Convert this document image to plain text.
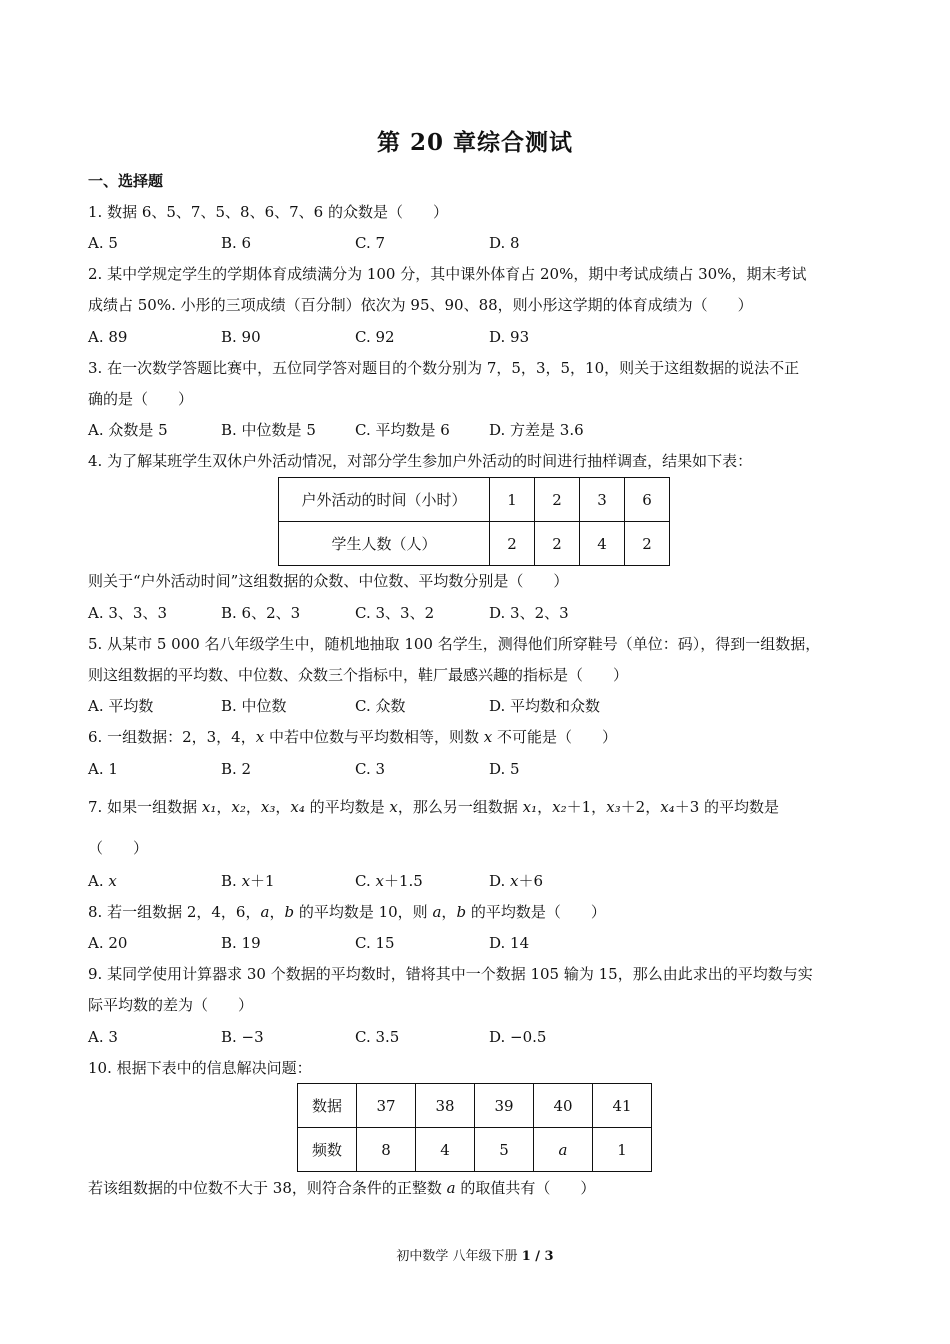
第 20 章综合测试
一、选择题
1. 数据 6、5、7、5、8、6、7、6 的众数是（　　）
A. 5	B. 6	C. 7	D. 8
2. 某中学规定学生的学期体育成绩满分为 100 分，其中课外体育占 20%，期中考试成绩占 30%，期末考试
成绩占 50%. 小彤的三项成绩（百分制）依次为 95、90、88，则小彤这学期的体育成绩为（　　）
A. 89	B. 90	C. 92	D. 93
3. 在一次数学答题比赛中，五位同学答对题目的个数分别为 7，5，3，5，10，则关于这组数据的说法不正
确的是（　　）
A. 众数是 5	B. 中位数是 5	C. 平均数是 6	D. 方差是 3.6
4. 为了解某班学生双休户外活动情况，对部分学生参加户外活动的时间进行抽样调查，结果如下表：
户外活动的时间（小时）	1	2	3	6
学生人数（人）	2	2	4	2
则关于“户外活动时间”这组数据的众数、中位数、平均数分别是（　　）
A. 3、3、3	B. 6、2、3	C. 3、3、2	D. 3、2、3
5. 从某市 5 000 名八年级学生中，随机地抽取 100 名学生，测得他们所穿鞋号（单位：码），得到一组数据，
则这组数据的平均数、中位数、众数三个指标中，鞋厂最感兴趣的指标是（　　）
A. 平均数	B. 中位数	C. 众数	D. 平均数和众数
6. 一组数据：2，3，4，x 中若中位数与平均数相等，则数 x 不可能是（　　）
A. 1	B. 2	C. 3	D. 5
7. 如果一组数据 x₁，x₂，x₃，x₄ 的平均数是 x，那么另一组数据 x₁，x₂＋1，x₃＋2，x₄＋3 的平均数是
（　　）
A. x	B. x＋1	C. x＋1.5	D. x＋6
8. 若一组数据 2，4，6，a，b 的平均数是 10，则 a，b 的平均数是（　　）
A. 20	B. 19	C. 15	D. 14
9. 某同学使用计算器求 30 个数据的平均数时，错将其中一个数据 105 输为 15，那么由此求出的平均数与实
际平均数的差为（　　）
A. 3	B. −3	C. 3.5	D. −0.5
10. 根据下表中的信息解决问题：
数据	37	38	39	40	41
频数	8	4	5	a	1
若该组数据的中位数不大于 38，则符合条件的正整数 a 的取值共有（　　）
初中数学 八年级下册 1 / 3
